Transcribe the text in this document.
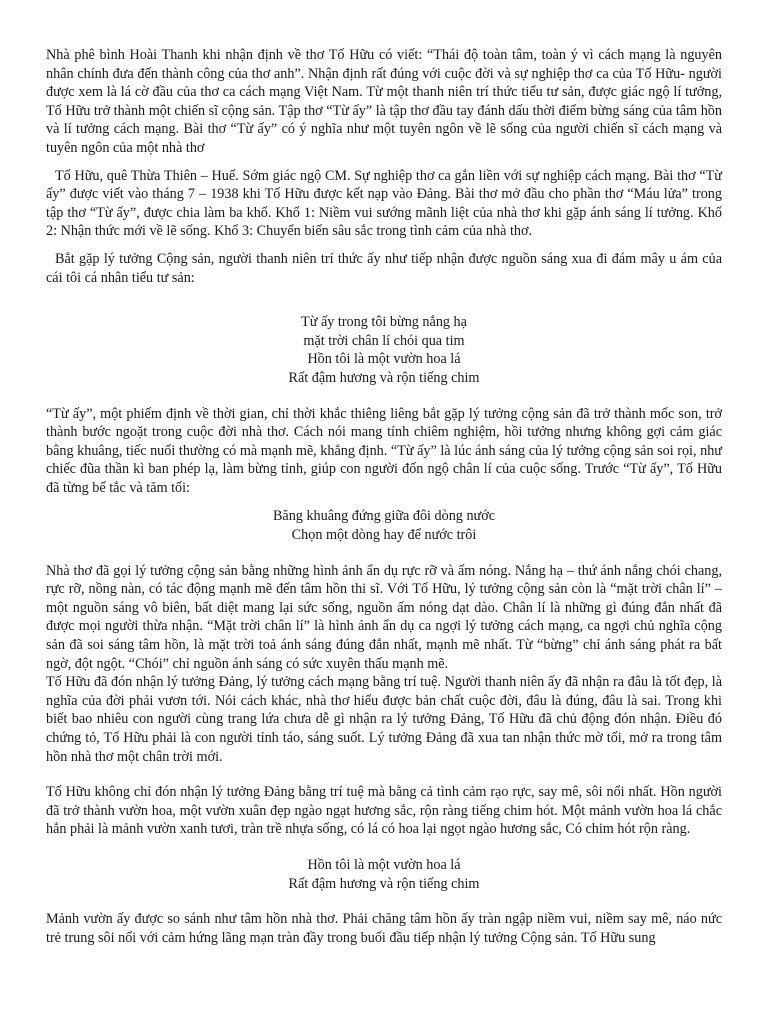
Nhà phê bình Hoài Thanh khi nhận định về thơ Tố Hữu có viết: “Thái độ toàn tâm, toàn ý vì cách mạng là nguyên nhân chính đưa đến thành công của thơ anh”. Nhận định rất đúng với cuộc đời và sự nghiệp thơ ca của Tố Hữu- người được xem là lá cờ đầu của thơ ca cách mạng Việt Nam. Từ một thanh niên trí thức tiểu tư sản, được giác ngộ lí tưởng, Tố Hữu trở thành một chiến sĩ cộng sản. Tập thơ “Từ ấy” là tập thơ đầu tay đánh dấu thời điểm bừng sáng của tâm hồn và lí tưởng cách mạng. Bài thơ “Từ ấy” có ý nghĩa như một tuyên ngôn về lẽ sống của người chiến sĩ cách mạng và tuyên ngôn của một nhà thơ

Tố Hữu, quê Thừa Thiên – Huế. Sớm giác ngộ CM. Sự nghiệp thơ ca gắn liền với sự nghiệp cách mạng. Bài thơ “Từ ấy” được viết vào tháng 7 – 1938 khi Tố Hữu được kết nạp vào Đảng. Bài thơ mở đầu cho phần thơ “Máu lửa” trong tập thơ “Từ ấy”, được chia làm ba khổ. Khổ 1: Niềm vui sướng mãnh liệt của nhà thơ khi gặp ánh sáng lí tưởng. Khổ 2: Nhận thức mới về lẽ sống. Khổ 3: Chuyển biến sâu sắc trong tình cảm của nhà thơ.

Bắt gặp lý tưởng Cộng sản, người thanh niên trí thức ấy như tiếp nhận được nguồn sáng xua đi đám mây u ám của cái tôi cá nhân tiểu tư sản:

Từ ấy trong tôi bừng nắng hạ
mặt trời chân lí chói qua tim
Hồn tôi là một vườn hoa lá
Rất đậm hương và rộn tiếng chim

“Từ ấy”, một phiếm định về thời gian, chỉ thời khắc thiêng liêng bắt gặp lý tưởng cộng sản đã trở thành mốc son, trở thành bước ngoặt trong cuộc đời nhà thơ. Cách nói mang tính chiêm nghiệm, hồi tưởng nhưng không gợi cảm giác bâng khuâng, tiếc nuối thường có mà mạnh mẽ, khẳng định. “Từ ấy” là lúc ánh sáng của lý tưởng cộng sản soi rọi, như chiếc đũa thần kì ban phép lạ, làm bừng tỉnh, giúp con người đốn ngộ chân lí của cuộc sống. Trước “Từ ấy”, Tố Hữu đã từng bế tắc và tăm tối:

Băng khuâng đứng giữa đôi dòng nước
Chọn một dòng hay để nước trôi

Nhà thơ đã gọi lý tưởng cộng sản bằng những hình ảnh ẩn dụ rực rỡ và ấm nóng. Nắng hạ – thứ ánh nắng chói chang, rực rỡ, nồng nàn, có tác động mạnh mẽ đến tâm hồn thi sĩ. Với Tố Hữu, lý tưởng cộng sản còn là “mặt trời chân lí” – một nguồn sáng vô biên, bất diệt mang lại sức sống, nguồn ấm nóng dạt dào. Chân lí là những gì đúng đắn nhất đã được mọi người thừa nhận. “Mặt trời chân lí” là hình ảnh ẩn dụ ca ngợi lý tưởng cách mạng, ca ngợi chủ nghĩa cộng sản đã soi sáng tâm hồn, là mặt trời toả ánh sáng đúng đắn nhất, mạnh mẽ nhất. Từ “bừng” chỉ ánh sáng phát ra bất ngờ, đột ngột. “Chói” chỉ nguồn ánh sáng có sức xuyên thấu mạnh mẽ.

Tố Hữu đã đón nhận lý tưởng Đảng, lý tưởng cách mạng bằng trí tuệ. Người thanh niên ấy đã nhận ra đâu là tốt đẹp, là nghĩa của đời phải vươn tới. Nói cách khác, nhà thơ hiểu được bản chất cuộc đời, đâu là đúng, đâu là sai. Trong khi biết bao nhiêu con người cùng trang lứa chưa dễ gì nhận ra lý tưởng Đảng, Tố Hữu đã chủ động đón nhận. Điều đó chứng tỏ, Tố Hữu phải là con người tỉnh táo, sáng suốt. Lý tưởng Đảng đã xua tan nhận thức mờ tối, mở ra trong tâm hồn nhà thơ một chân trời mới.

Tố Hữu không chỉ đón nhận lý tưởng Đảng bằng trí tuệ mà bằng cả tình cảm rạo rực, say mê, sôi nổi nhất. Hồn người đã trở thành vườn hoa, một vườn xuân đẹp ngào ngạt hương sắc, rộn ràng tiếng chim hót. Một mảnh vườn hoa lá chắc hẳn phải là mảnh vườn xanh tươi, tràn trề nhựa sống, có lá có hoa lại ngọt ngào hương sắc, Có chim hót rộn ràng.

Hồn tôi là một vườn hoa lá
Rất đậm hương và rộn tiếng chim

Mảnh vườn ấy được so sánh như tâm hồn nhà thơ. Phải chăng tâm hồn ấy tràn ngập niềm vui, niềm say mê, náo nức trẻ trung sôi nổi với cảm hứng lãng mạn tràn đầy trong buổi đầu tiếp nhận lý tưởng Cộng sản. Tố Hữu sung
